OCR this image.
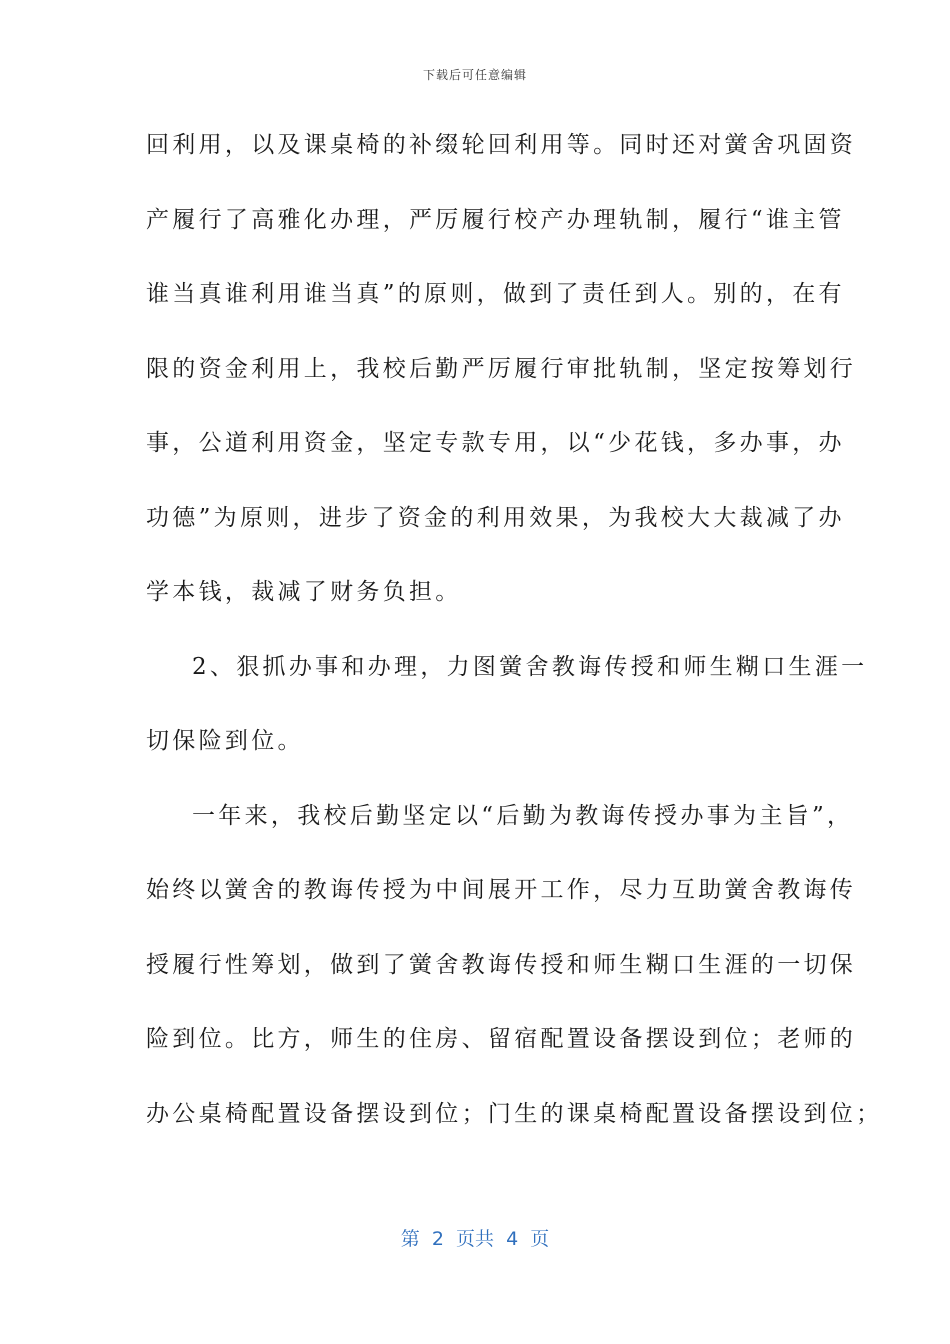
下载后可任意编辑
回利用，以及课桌椅的补缀轮回利用等。同时还对黉舍巩固资
产履行了高雅化办理，严厉履行校产办理轨制，履行“谁主管
谁当真谁利用谁当真”的原则，做到了责任到人。别的，在有
限的资金利用上，我校后勤严厉履行审批轨制，坚定按筹划行
事，公道利用资金，坚定专款专用，以“少花钱，多办事，办
功德”为原则，进步了资金的利用效果，为我校大大裁减了办
学本钱，裁减了财务负担。
2、狠抓办事和办理，力图黉舍教诲传授和师生糊口生涯一
切保险到位。
一年来，我校后勤坚定以“后勤为教诲传授办事为主旨”，
始终以黉舍的教诲传授为中间展开工作，尽力互助黉舍教诲传
授履行性筹划，做到了黉舍教诲传授和师生糊口生涯的一切保
险到位。比方，师生的住房、留宿配置设备摆设到位；老师的
办公桌椅配置设备摆设到位；门生的课桌椅配置设备摆设到位；
第  2  页共  4  页
